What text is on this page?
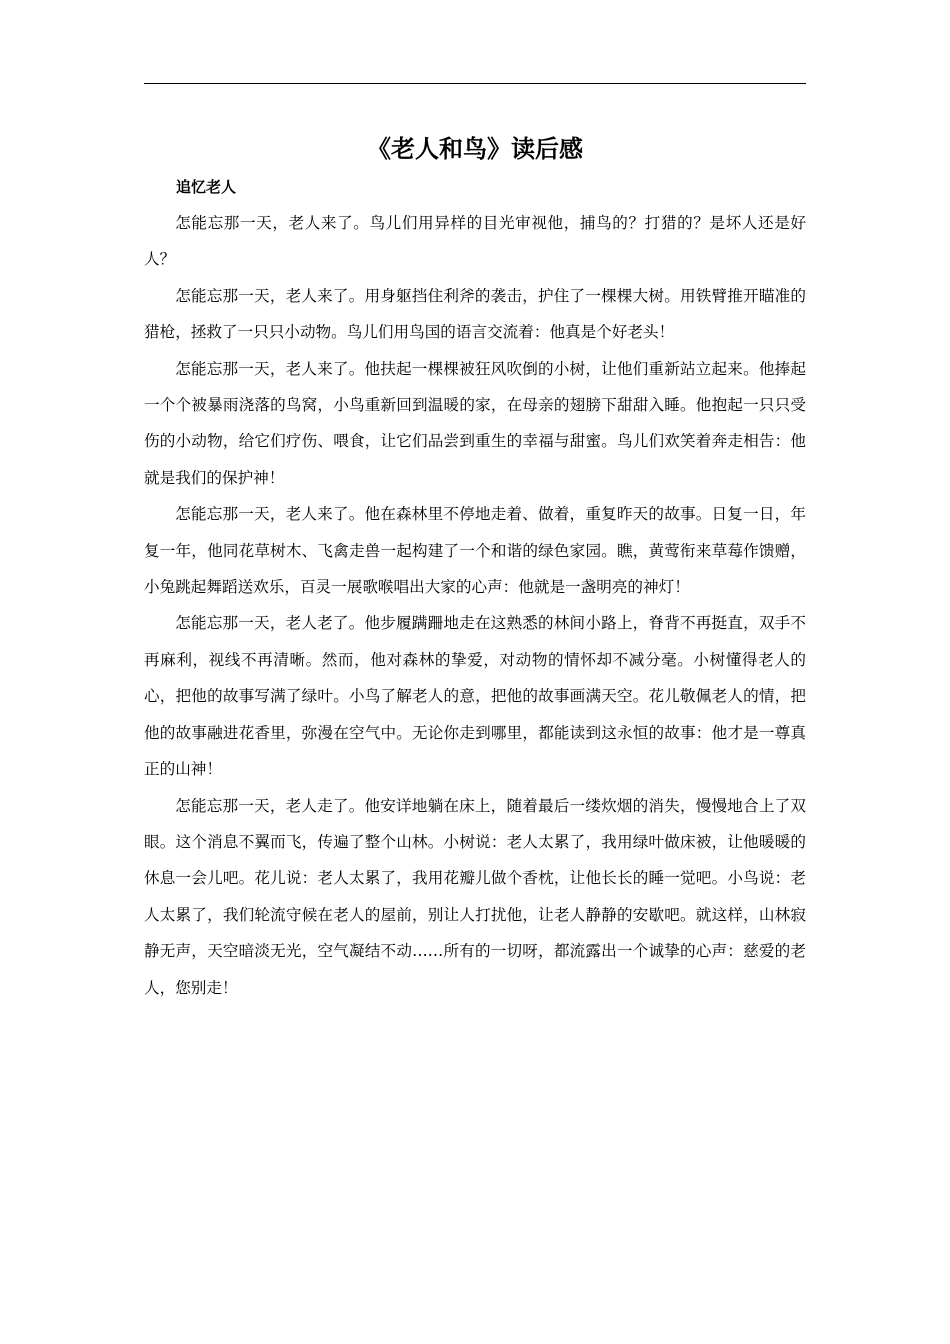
《老人和鸟》读后感
追忆老人

怎能忘那一天，老人来了。鸟儿们用异样的目光审视他，捕鸟的？打猎的？是坏人还是好人？

怎能忘那一天，老人来了。用身躯挡住利斧的袭击，护住了一棵棵大树。用铁臂推开瞄准的猎枪，拯救了一只只小动物。鸟儿们用鸟国的语言交流着：他真是个好老头！

怎能忘那一天，老人来了。他扶起一棵棵被狂风吹倒的小树，让他们重新站立起来。他捧起一个个被暴雨浇落的鸟窝，小鸟重新回到温暖的家，在母亲的翅膀下甜甜入睡。他抱起一只只受伤的小动物，给它们疗伤、喂食，让它们品尝到重生的幸福与甜蜜。鸟儿们欢笑着奔走相告：他就是我们的保护神！

怎能忘那一天，老人来了。他在森林里不停地走着、做着，重复昨天的故事。日复一日，年复一年，他同花草树木、飞禽走兽一起构建了一个和谐的绿色家园。瞧，黄莺衔来草莓作馈赠，小兔跳起舞蹈送欢乐，百灵一展歌喉唱出大家的心声：他就是一盏明亮的神灯！

怎能忘那一天，老人老了。他步履蹒跚地走在这熟悉的林间小路上，脊背不再挺直，双手不再麻利，视线不再清晰。然而，他对森林的挚爱，对动物的情怀却不减分毫。小树懂得老人的心，把他的故事写满了绿叶。小鸟了解老人的意，把他的故事画满天空。花儿敬佩老人的情，把他的故事融进花香里，弥漫在空气中。无论你走到哪里，都能读到这永恒的故事：他才是一尊真正的山神！

怎能忘那一天，老人走了。他安详地躺在床上，随着最后一缕炊烟的消失，慢慢地合上了双眼。这个消息不翼而飞，传遍了整个山林。小树说：老人太累了，我用绿叶做床被，让他暖暖的休息一会儿吧。花儿说：老人太累了，我用花瓣儿做个香枕，让他长长的睡一觉吧。小鸟说：老人太累了，我们轮流守候在老人的屋前，别让人打扰他，让老人静静的安歇吧。就这样，山林寂静无声，天空暗淡无光，空气凝结不动……所有的一切呀，都流露出一个诚挚的心声：慈爱的老人，您别走！
